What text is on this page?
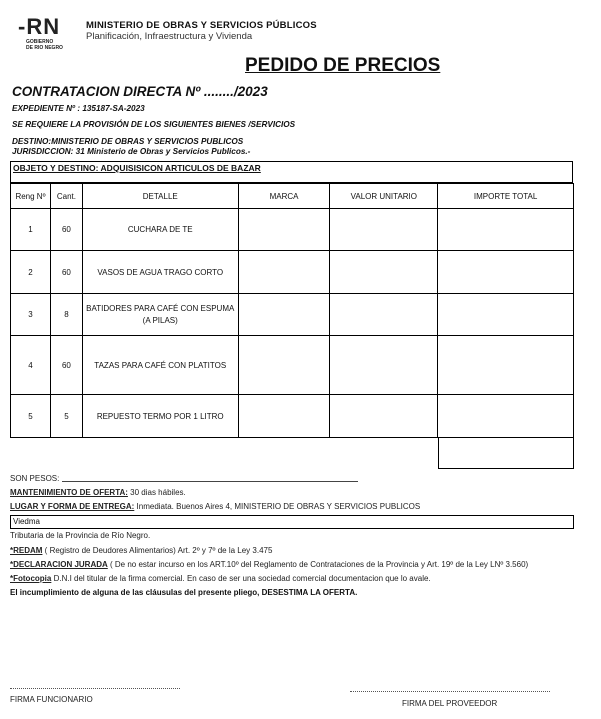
-RN
GOBIERNO
DE RIO NEGRO
MINISTERIO DE OBRAS Y SERVICIOS PÚBLICOS
Planificación, Infraestructura y Vivienda
PEDIDO DE PRECIOS
CONTRATACION DIRECTA Nº ......../2023
EXPEDIENTE Nº : 135187-SA-2023
SE REQUIERE LA PROVISIÓN DE LOS SIGUIENTES BIENES /SERVICIOS
DESTINO:MINISTERIO DE OBRAS Y SERVICIOS PUBLICOS
JURISDICCION: 31 Ministerio de Obras y Servicios Publicos.-
OBJETO Y DESTINO: ADQUISISICON ARTICULOS DE BAZAR
Reng Nº	Cant.	DETALLE	MARCA	VALOR UNITARIO	IMPORTE TOTAL
1	60	CUCHARA DE TE			
2	60	VASOS DE AGUA TRAGO CORTO			
3	8	BATIDORES PARA CAFÉ CON ESPUMA
(A PILAS)			

4	60	TAZAS PARA CAFÉ CON PLATITOS			
5	5	REPUESTO TERMO POR 1 LITRO			
SON PESOS:
MANTENIMIENTO DE OFERTA: 30 dias hábiles.
LUGAR Y FORMA DE ENTREGA: Inmediata. Buenos Aires 4, MINISTERIO DE OBRAS Y SERVICIOS PUBLICOS
Viedma
Tributaria de la Provincia de Río Negro.
*REDAM ( Registro de Deudores Alimentarios) Art. 2º y 7º de la Ley 3.475
*DECLARACION JURADA ( De no estar incurso en los ART.10º del Reglamento de Contrataciones de la Provincia y Art. 19º de la Ley LNº 3.560)
*Fotocopia D.N.I del titular de la firma comercial. En caso de ser una sociedad comercial documentacion que lo avale.
El incumplimiento de alguna de las cláusulas del presente pliego, DESESTIMA LA OFERTA.
FIRMA FUNCIONARIO	FIRMA DEL PROVEEDOR
